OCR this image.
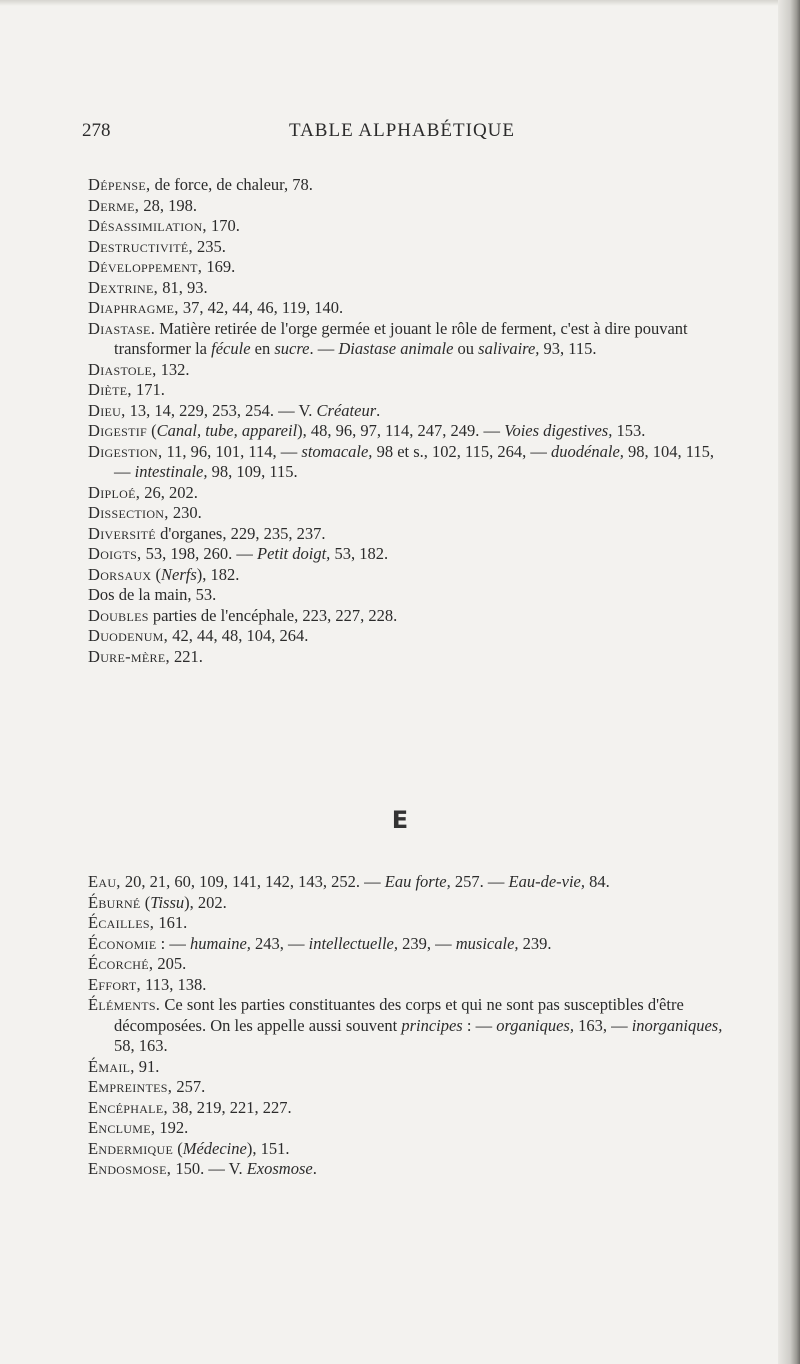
278	TABLE ALPHABÉTIQUE
Dépense, de force, de chaleur, 78.
Derme, 28, 198.
Désassimilation, 170.
Destructivité, 235.
Développement, 169.
Dextrine, 81, 93.
Diaphragme, 37, 42, 44, 46, 119, 140.
Diastase. Matière retirée de l'orge germée et jouant le rôle de ferment, c'est à dire pouvant transformer la fécule en sucre. — Diastase animale ou salivaire, 93, 115.
Diastole, 132.
Diète, 171.
Dieu, 13, 14, 229, 253, 254. — V. Créateur.
Digestif (Canal, tube, appareil), 48, 96, 97, 114, 247, 249. — Voies digestives, 153.
Digestion, 11, 96, 101, 114, — stomacale, 98 et s., 102, 115, 264, — duodénale, 98, 104, 115, — intestinale, 98, 109, 115.
Diploé, 26, 202.
Dissection, 230.
Diversité d'organes, 229, 235, 237.
Doigts, 53, 198, 260. — Petit doigt, 53, 182.
Dorsaux (Nerfs), 182.
Dos de la main, 53.
Doubles parties de l'encéphale, 223, 227, 228.
Duodenum, 42, 44, 48, 104, 264.
Dure-mère, 221.
E
Eau, 20, 21, 60, 109, 141, 142, 143, 252. — Eau forte, 257. — Eau-de-vie, 84.
Éburné (Tissu), 202.
Écailles, 161.
Économie : — humaine, 243, — intellectuelle, 239, — musicale, 239.
Écorché, 205.
Effort, 113, 138.
Éléments. Ce sont les parties constituantes des corps et qui ne sont pas susceptibles d'être décomposées. On les appelle aussi souvent principes : — organiques, 163, — inorganiques, 58, 163.
Émail, 91.
Empreintes, 257.
Encéphale, 38, 219, 221, 227.
Enclume, 192.
Endermique (Médecine), 151.
Endosmose, 150. — V. Exosmose.
